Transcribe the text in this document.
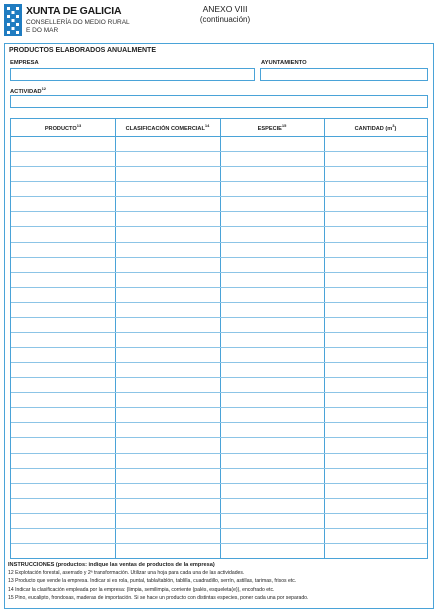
XUNTA DE GALICIA
CONSELLERÍA DO MEDIO RURAL
E DO MAR
ANEXO VIII
(continuación)
PRODUCTOS ELABORADOS ANUALMENTE
EMPRESA	AYUNTAMIENTO
ACTIVIDAD$^{12}$
PRODUCTO$^{13}$
CLASIFICACIÓN COMERCIAL$^{14}$
ESPECIE$^{15}$
CANTIDAD $(m^3)$
INSTRUCCIONES (productos: indique las ventas de productos de la empresa)
12 Explotación forestal, aserrado y 2ª transformación. Utilizar una hoja para cada una de las actividades.
13 Producto que vende la empresa. Indicar si es rola, puntal, tabla/tablón, tablilla, cuadradillo, serrín, astillas, tarimas, frisos etc.
14 Indicar la clasificación empleada por la empresa: (limpia, semilimpia, corriente (palés, esqueleta(e)), encofrado etc.
15 Pino, eucalipto, frondosas, maderas de importación. Si se hace un producto con distintas especies, poner cada una por separado.
